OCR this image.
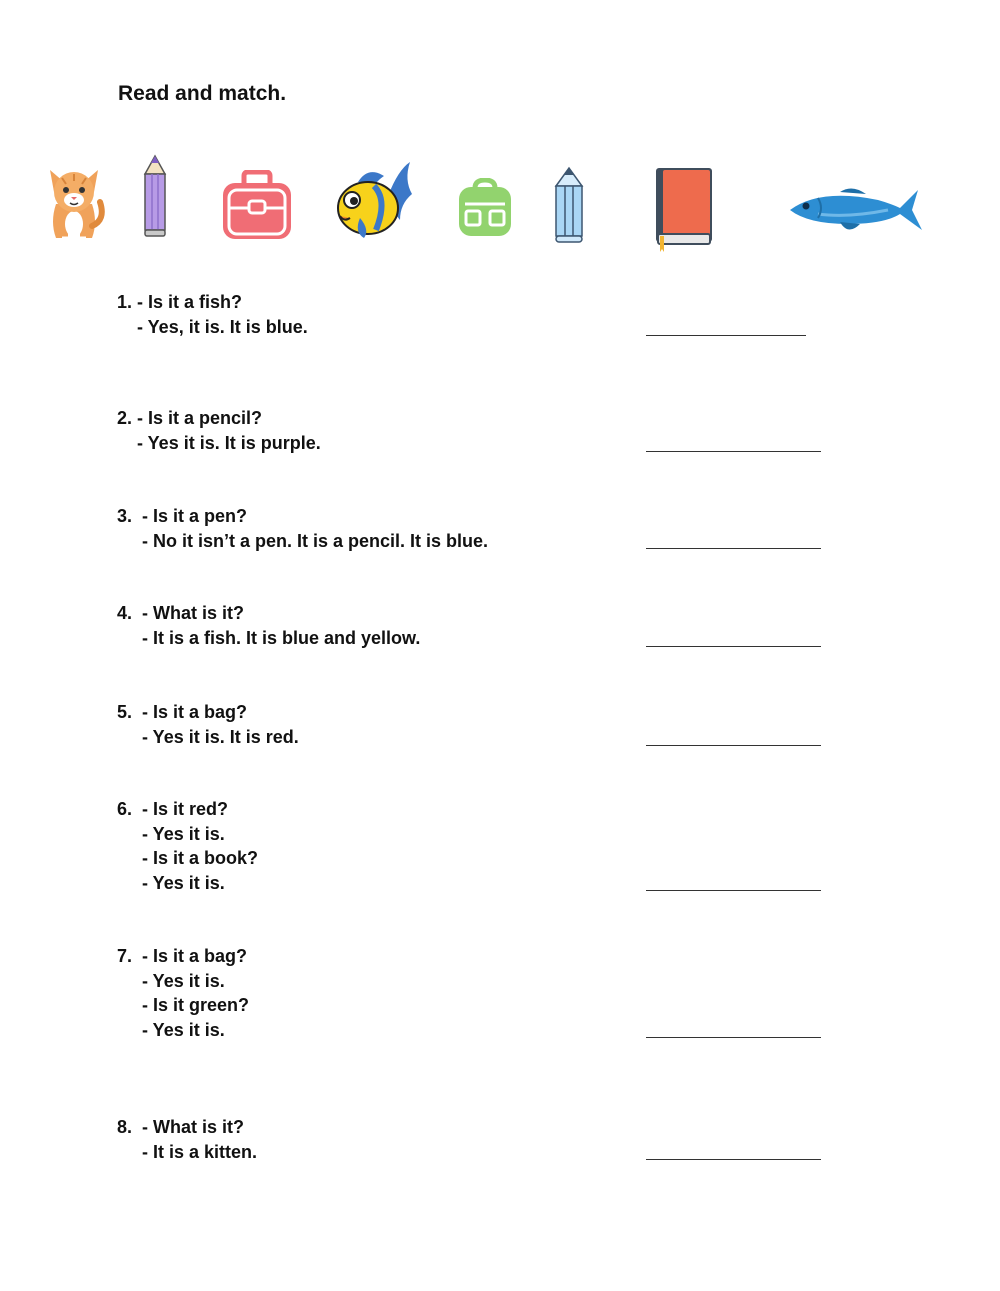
Read and match.
1. - Is it a fish?
- Yes, it is. It is blue.
2. - Is it a pencil?
- Yes it is. It is purple.
3.  - Is it a pen?
- No it isn’t a pen. It is a pencil. It is blue.
4.  - What is it?
- It is a fish. It is blue and yellow.
5.  - Is it a bag?
- Yes it is. It is red.
6.  - Is it red?
- Yes it is.
- Is it a book?
- Yes it is.
7.  - Is it a bag?
- Yes it is.
- Is it green?
- Yes it is.
8.  - What is it?
- It is a kitten.
